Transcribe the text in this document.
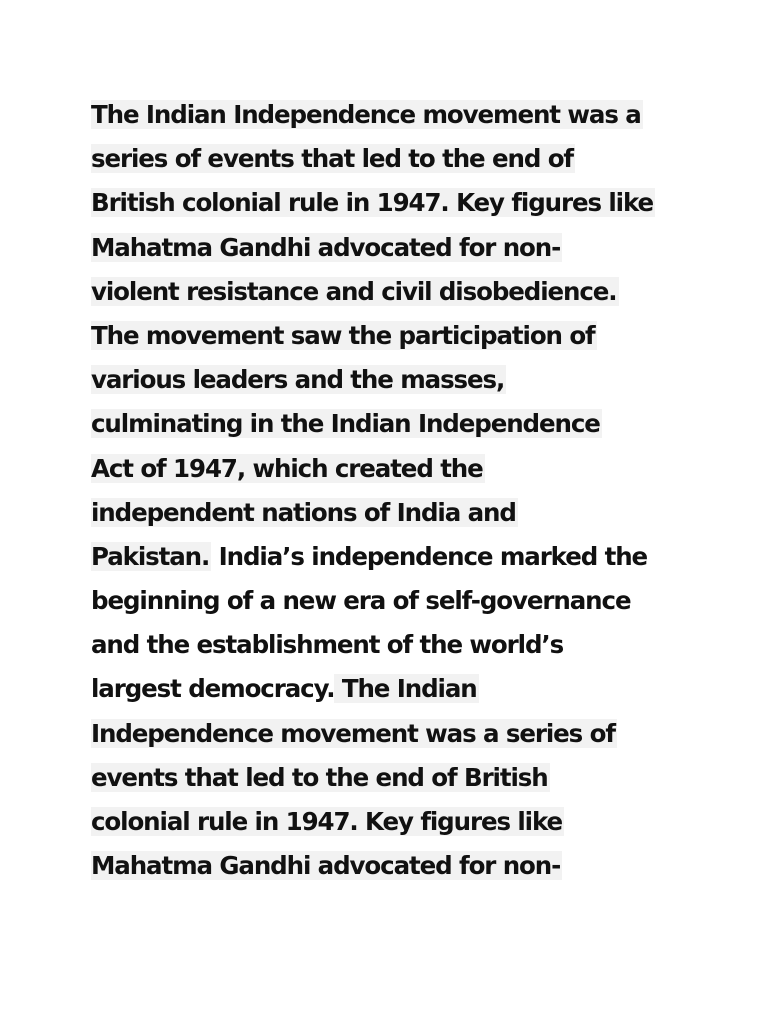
The Indian Independence movement was a
series of events that led to the end of
British colonial rule in 1947. Key figures like
Mahatma Gandhi advocated for non-
violent resistance and civil disobedience.
The movement saw the participation of
various leaders and the masses,
culminating in the Indian Independence
Act of 1947, which created the
independent nations of India and
Pakistan. India’s independence marked the
beginning of a new era of self-governance
and the establishment of the world’s
largest democracy. The Indian
Independence movement was a series of
events that led to the end of British
colonial rule in 1947. Key figures like
Mahatma Gandhi advocated for non-
